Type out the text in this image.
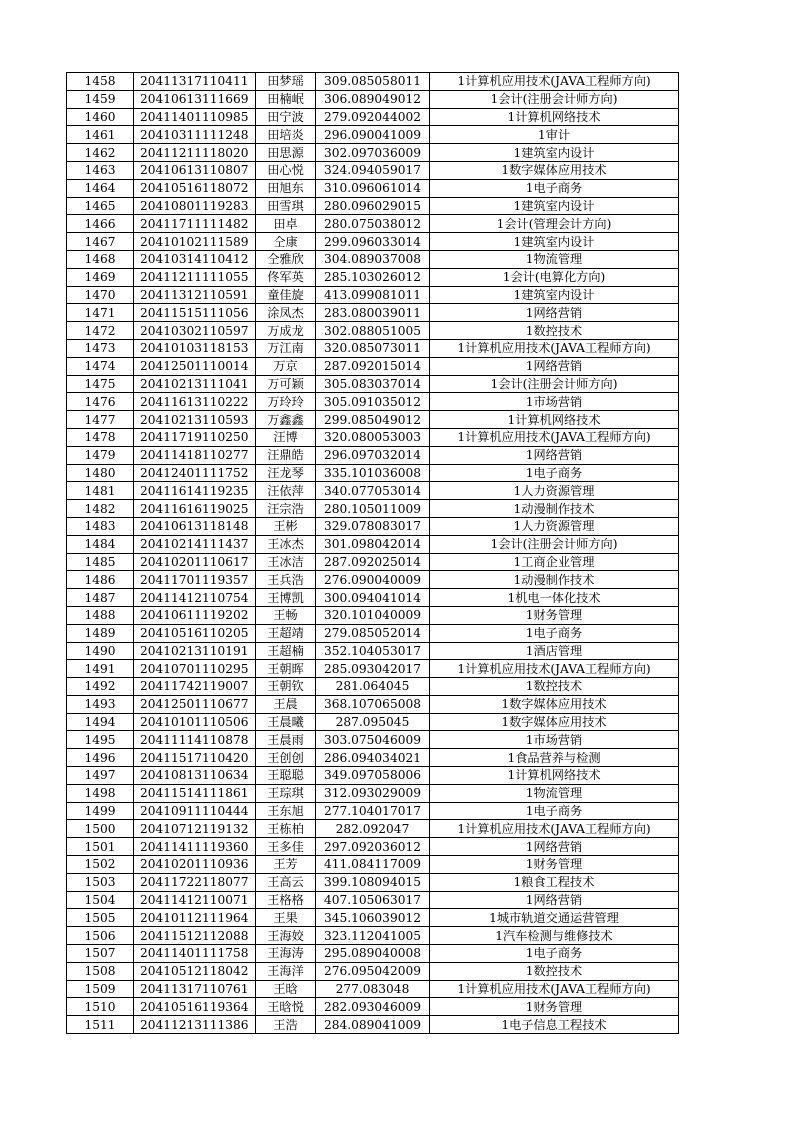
1458	20411317110411	田梦瑶	309.085058011	1计算机应用技术(JAVA工程师方向)
1459	20410613111669	田楠岷	306.089049012	1会计(注册会计师方向)
1460	20411401110985	田宁波	279.092044002	1计算机网络技术
1461	20410311111248	田培炎	296.090041009	1审计
1462	20411211118020	田思源	302.097036009	1建筑室内设计
1463	20410613110807	田心悦	324.094059017	1数字媒体应用技术
1464	20410516118072	田旭东	310.096061014	1电子商务
1465	20410801119283	田雪琪	280.096029015	1建筑室内设计
1466	20411711111482	田卓	280.075038012	1会计(管理会计方向)
1467	20410102111589	仝康	299.096033014	1建筑室内设计
1468	20410314110412	仝雅欣	304.089037008	1物流管理
1469	20411211111055	佟军英	285.103026012	1会计(电算化方向)
1470	20411312110591	童佳旋	413.099081011	1建筑室内设计
1471	20411515111056	涂凤杰	283.080039011	1网络营销
1472	20410302110597	万成龙	302.088051005	1数控技术
1473	20410103118153	万江南	320.085073011	1计算机应用技术(JAVA工程师方向)
1474	20412501110014	万京	287.092015014	1网络营销
1475	20410213111041	万可颖	305.083037014	1会计(注册会计师方向)
1476	20411613110222	万玲玲	305.091035012	1市场营销
1477	20410213110593	万鑫鑫	299.085049012	1计算机网络技术
1478	20411719110250	汪博	320.080053003	1计算机应用技术(JAVA工程师方向)
1479	20411418110277	汪鼎皓	296.097032014	1网络营销
1480	20412401111752	汪龙琴	335.101036008	1电子商务
1481	20411614119235	汪依萍	340.077053014	1人力资源管理
1482	20411616119025	汪宗浩	280.105011009	1动漫制作技术
1483	20410613118148	王彬	329.078083017	1人力资源管理
1484	20410214111437	王冰杰	301.098042014	1会计(注册会计师方向)
1485	20410201110617	王冰洁	287.092025014	1工商企业管理
1486	20411701119357	王兵浩	276.090040009	1动漫制作技术
1487	20411412110754	王博凯	300.094041014	1机电一体化技术
1488	20410611119202	王畅	320.101040009	1财务管理
1489	20410516110205	王超靖	279.085052014	1电子商务
1490	20410213110191	王超楠	352.104053017	1酒店管理
1491	20410701110295	王朝晖	285.093042017	1计算机应用技术(JAVA工程师方向)
1492	20411742119007	王朝钦	281.064045	1数控技术
1493	20412501110677	王晨	368.107065008	1数字媒体应用技术
1494	20410101110506	王晨曦	287.095045	1数字媒体应用技术
1495	20411114110878	王晨雨	303.075046009	1市场营销
1496	20411517110420	王创创	286.094034021	1食品营养与检测
1497	20410813110634	王聪聪	349.097058006	1计算机网络技术
1498	20411514111861	王琮琪	312.093029009	1物流管理
1499	20410911110444	王东旭	277.104017017	1电子商务
1500	20410712119132	王栋柏	282.092047	1计算机应用技术(JAVA工程师方向)
1501	20411411119360	王多佳	297.092036012	1网络营销
1502	20410201110936	王芳	411.084117009	1财务管理
1503	20411722118077	王高云	399.108094015	1粮食工程技术
1504	20411412110071	王格格	407.105063017	1网络营销
1505	20410112111964	王果	345.106039012	1城市轨道交通运营管理
1506	20411512112088	王海姣	323.112041005	1汽车检测与维修技术
1507	20411401111758	王海涛	295.089040008	1电子商务
1508	20410512118042	王海洋	276.095042009	1数控技术
1509	20411317110761	王晗	277.083048	1计算机应用技术(JAVA工程师方向)
1510	20410516119364	王晗悦	282.093046009	1财务管理
1511	20411213111386	王浩	284.089041009	1电子信息工程技术
